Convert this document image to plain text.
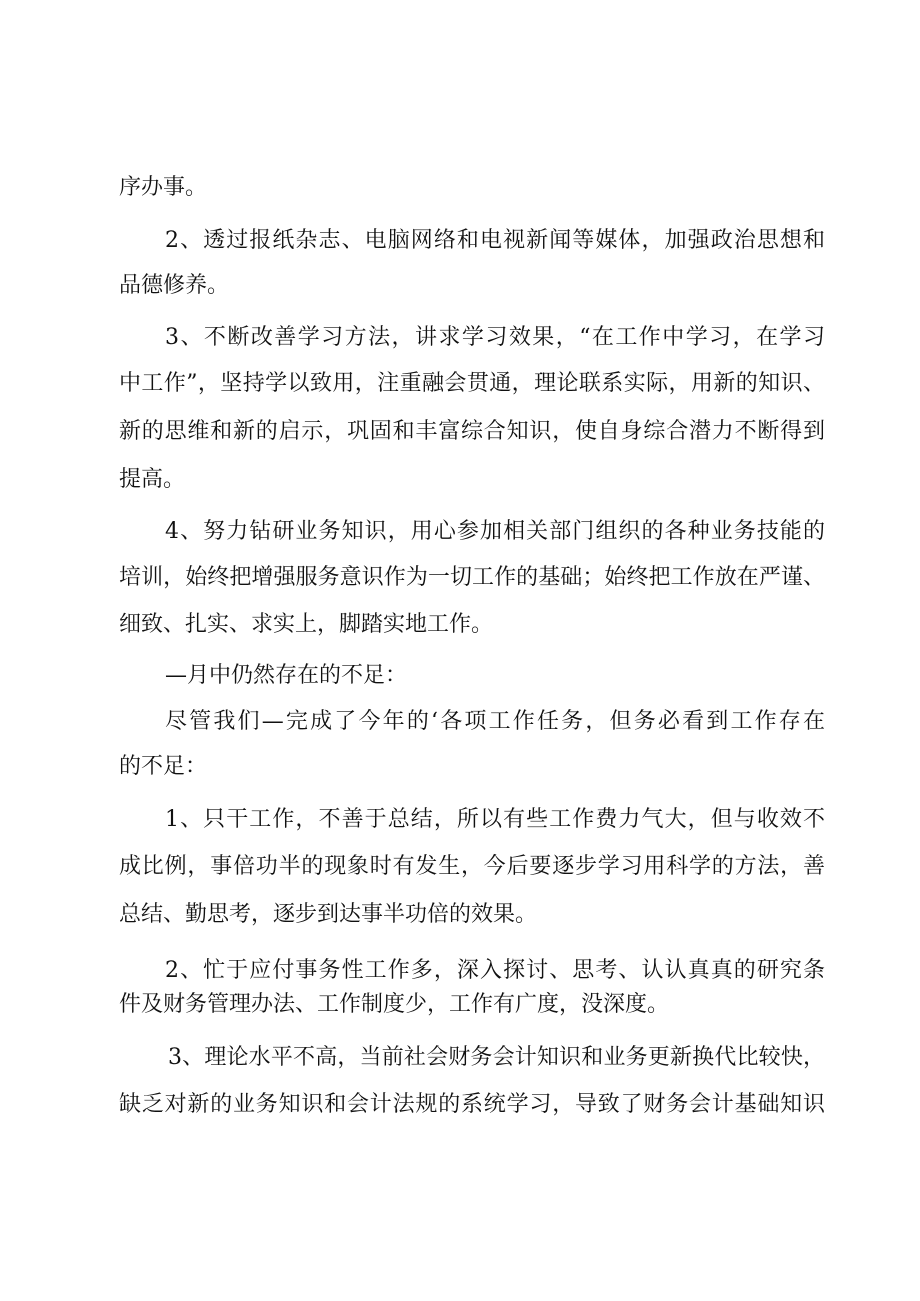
序办事。
2、透过报纸杂志、电脑网络和电视新闻等媒体，加强政治思想和
品德修养。
3、不断改善学习方法，讲求学习效果，“在工作中学习，在学习
中工作”，坚持学以致用，注重融会贯通，理论联系实际，用新的知识、
新的思维和新的启示，巩固和丰富综合知识，使自身综合潜力不断得到
提高。
4、努力钻研业务知识，用心参加相关部门组织的各种业务技能的
培训，始终把增强服务意识作为一切工作的基础；始终把工作放在严谨、
细致、扎实、求实上，脚踏实地工作。
—月中仍然存在的不足：
尽管我们—完成了今年的‘各项工作任务，但务必看到工作存在
的不足：
1、只干工作，不善于总结，所以有些工作费力气大，但与收效不
成比例，事倍功半的现象时有发生，今后要逐步学习用科学的方法，善
总结、勤思考，逐步到达事半功倍的效果。
2、忙于应付事务性工作多，深入探讨、思考、认认真真的研究条
件及财务管理办法、工作制度少，工作有广度，没深度。
3、理论水平不高，当前社会财务会计知识和业务更新换代比较快，
缺乏对新的业务知识和会计法规的系统学习，导致了财务会计基础知识
